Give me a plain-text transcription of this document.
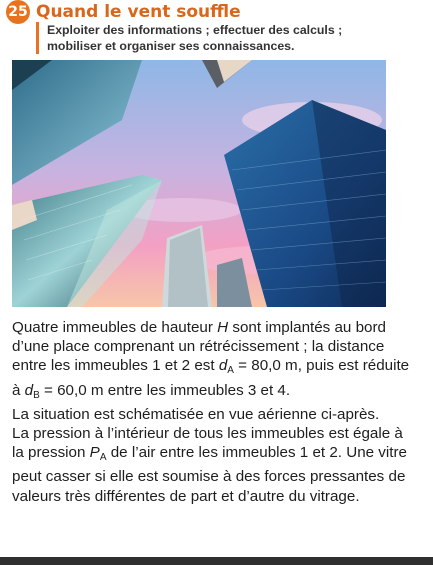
25 Quand le vent souffle
Exploiter des informations ; effectuer des calculs ;
mobiliser et organiser ses connaissances.

Quatre immeubles de hauteur H sont implantés au bord d’une place comprenant un rétrécissement ; la distance entre les immeubles 1 et 2 est $d_A = 80,0$ m, puis est réduite à $d_B = 60,0$ m entre les immeubles 3 et 4.

La situation est schématisée en vue aérienne ci-après.

La pression à l’intérieur de tous les immeubles est égale à la pression $P_A$ de l’air entre les immeubles 1 et 2. Une vitre peut casser si elle est soumise à des forces pressantes de valeurs très différentes de part et d’autre du vitrage.
